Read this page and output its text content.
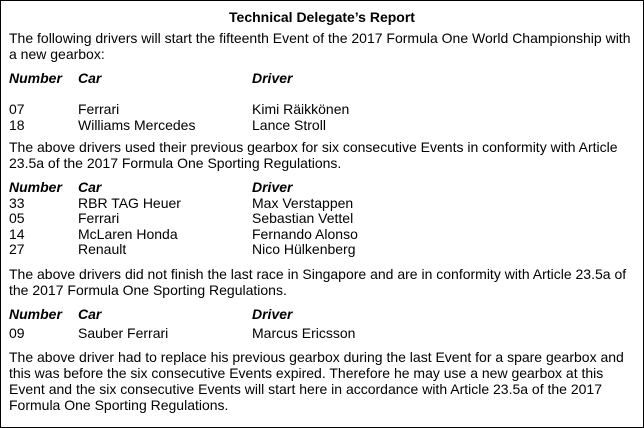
Technical Delegate’s Report

The following drivers will start the fifteenth Event of the 2017 Formula One World Championship with a new gearbox:

Number	Car	Driver

07	Ferrari	Kimi Räikkönen
18	Williams Mercedes	Lance Stroll

The above drivers used their previous gearbox for six consecutive Events in conformity with Article 23.5a of the 2017 Formula One Sporting Regulations.

Number	Car	Driver
33	RBR TAG Heuer	Max Verstappen
05	Ferrari	Sebastian Vettel
14	McLaren Honda	Fernando Alonso
27	Renault	Nico Hülkenberg

The above drivers did not finish the last race in Singapore and are in conformity with Article 23.5a of the 2017 Formula One Sporting Regulations.

Number	Car	Driver
09	Sauber Ferrari	Marcus Ericsson

The above driver had to replace his previous gearbox during the last Event for a spare gearbox and this was before the six consecutive Events expired. Therefore he may use a new gearbox at this Event and the six consecutive Events will start here in accordance with Article 23.5a of the 2017 Formula One Sporting Regulations.
